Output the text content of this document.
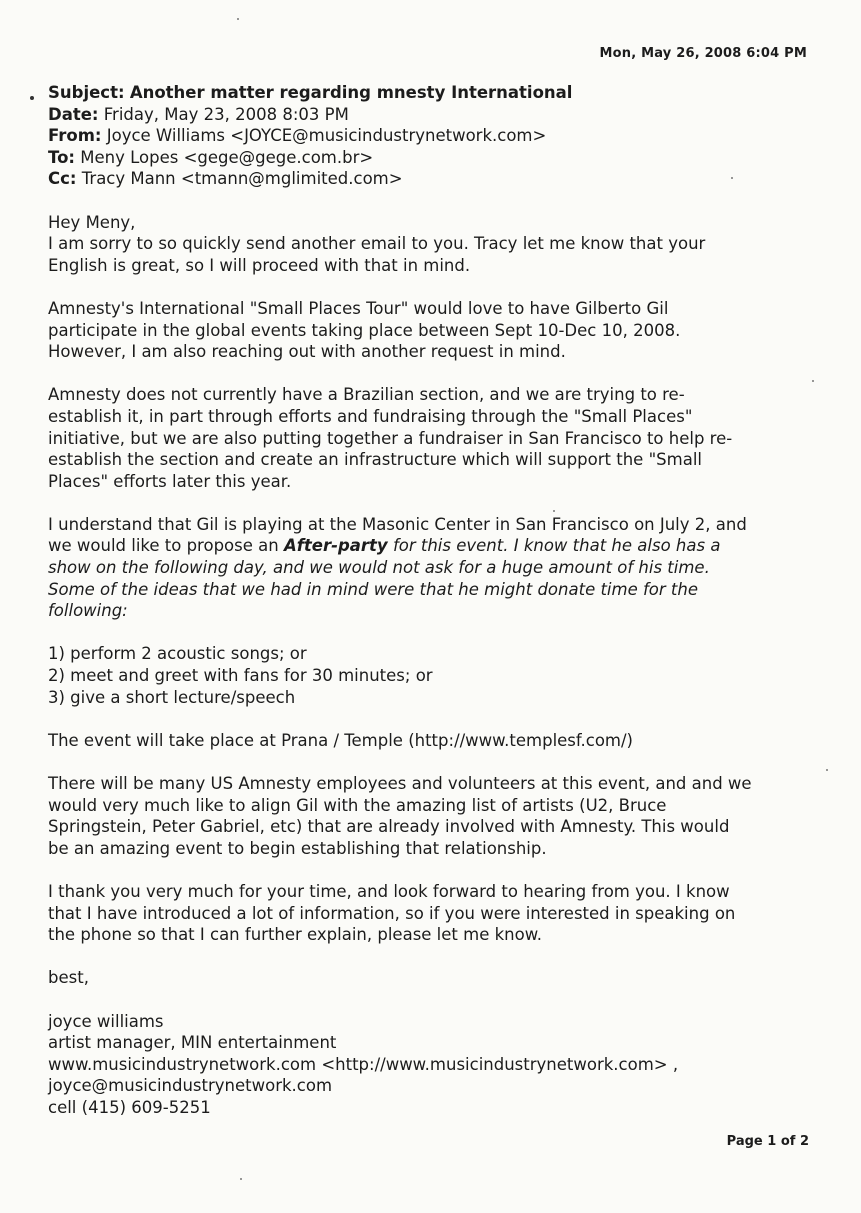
Mon, May 26, 2008 6:04 PM

Subject: Another matter regarding mnesty International

Date: Friday, May 23, 2008 8:03 PM

From: Joyce Williams <JOYCE@musicindustrynetwork.com>

To: Meny Lopes <gege@gege.com.br>

Cc: Tracy Mann <tmann@mglimited.com>

Hey Meny,

I am sorry to so quickly send another email to you. Tracy let me know that your

English is great, so I will proceed with that in mind.

Amnesty's International "Small Places Tour" would love to have Gilberto Gil

participate in the global events taking place between Sept 10-Dec 10, 2008.

However, I am also reaching out with another request in mind.

Amnesty does not currently have a Brazilian section, and we are trying to re-

establish it, in part through efforts and fundraising through the "Small Places"

initiative, but we are also putting together a fundraiser in San Francisco to help re-

establish the section and create an infrastructure which will support the "Small

Places" efforts later this year.

I understand that Gil is playing at the Masonic Center in San Francisco on July 2, and

we would like to propose an After-party for this event. I know that he also has a

show on the following day, and we would not ask for a huge amount of his time.

Some of the ideas that we had in mind were that he might donate time for the

following:

1) perform 2 acoustic songs; or

2) meet and greet with fans for 30 minutes; or

3) give a short lecture/speech

The event will take place at Prana / Temple (http://www.templesf.com/)

There will be many US Amnesty employees and volunteers at this event, and and we

would very much like to align Gil with the amazing list of artists (U2, Bruce

Springstein, Peter Gabriel, etc) that are already involved with Amnesty. This would

be an amazing event to begin establishing that relationship.

I thank you very much for your time, and look forward to hearing from you. I know

that I have introduced a lot of information, so if you were interested in speaking on

the phone so that I can further explain, please let me know.

best,

joyce williams

artist manager, MIN entertainment

www.musicindustrynetwork.com <http://www.musicindustrynetwork.com> ,

joyce@musicindustrynetwork.com

cell (415) 609-5251

Page 1 of 2
